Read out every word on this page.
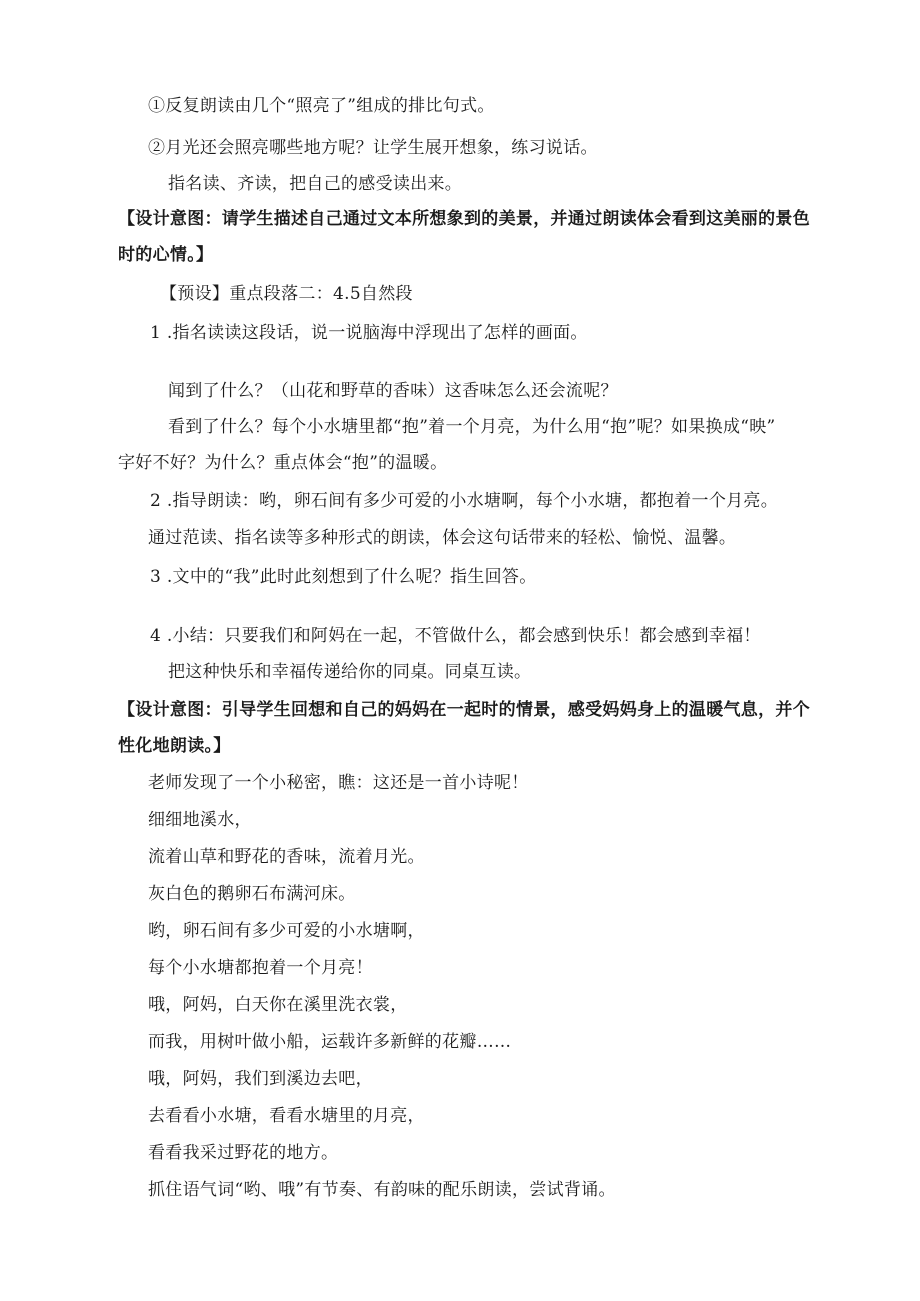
①反复朗读由几个“照亮了”组成的排比句式。
②月光还会照亮哪些地方呢？让学生展开想象，练习说话。
指名读、齐读，把自己的感受读出来。
【设计意图：请学生描述自己通过文本所想象到的美景，并通过朗读体会看到这美丽的景色
时的心情。】
【预设】重点段落二：4.5自然段
1 .指名读读这段话，说一说脑海中浮现出了怎样的画面。
闻到了什么？（山花和野草的香味）这香味怎么还会流呢？
看到了什么？每个小水塘里都“抱”着一个月亮，为什么用“抱”呢？如果换成“映”
字好不好？为什么？重点体会“抱”的温暖。
2 .指导朗读：哟，卵石间有多少可爱的小水塘啊，每个小水塘，都抱着一个月亮。
通过范读、指名读等多种形式的朗读，体会这句话带来的轻松、愉悦、温馨。
3 .文中的“我”此时此刻想到了什么呢？指生回答。
4 .小结：只要我们和阿妈在一起，不管做什么，都会感到快乐！都会感到幸福！
把这种快乐和幸福传递给你的同桌。同桌互读。
【设计意图：引导学生回想和自己的妈妈在一起时的情景，感受妈妈身上的温暖气息，并个
性化地朗读。】
老师发现了一个小秘密，瞧：这还是一首小诗呢！
细细地溪水，
流着山草和野花的香味，流着月光。
灰白色的鹅卵石布满河床。
哟，卵石间有多少可爱的小水塘啊，
每个小水塘都抱着一个月亮！
哦，阿妈，白天你在溪里洗衣裳，
而我，用树叶做小船，运载许多新鲜的花瓣……
哦，阿妈，我们到溪边去吧，
去看看小水塘，看看水塘里的月亮，
看看我采过野花的地方。
抓住语气词“哟、哦”有节奏、有韵味的配乐朗读，尝试背诵。
